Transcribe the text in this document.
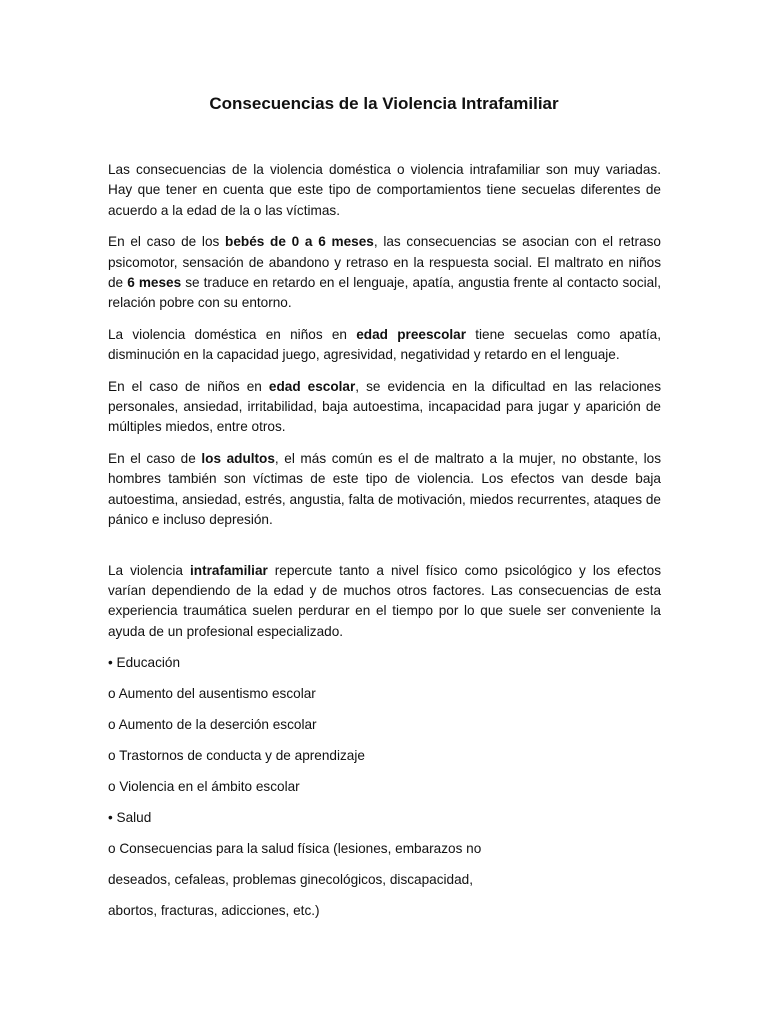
Consecuencias de la Violencia Intrafamiliar

Las consecuencias de la violencia doméstica o violencia intrafamiliar son muy variadas. Hay que tener en cuenta que este tipo de comportamientos tiene secuelas diferentes de acuerdo a la edad de la o las víctimas.

En el caso de los bebés de 0 a 6 meses, las consecuencias se asocian con el retraso psicomotor, sensación de abandono y retraso en la respuesta social. El maltrato en niños de 6 meses se traduce en retardo en el lenguaje, apatía, angustia frente al contacto social, relación pobre con su entorno.

La violencia doméstica en niños en edad preescolar tiene secuelas como apatía, disminución en la capacidad juego, agresividad, negatividad y retardo en el lenguaje.

En el caso de niños en edad escolar, se evidencia en la dificultad en las relaciones personales, ansiedad, irritabilidad, baja autoestima, incapacidad para jugar y aparición de múltiples miedos, entre otros.

En el caso de los adultos, el más común es el de maltrato a la mujer, no obstante, los hombres también son víctimas de este tipo de violencia. Los efectos van desde baja autoestima, ansiedad, estrés, angustia, falta de motivación, miedos recurrentes, ataques de pánico e incluso depresión.

La violencia intrafamiliar repercute tanto a nivel físico como psicológico y los efectos varían dependiendo de la edad y de muchos otros factores. Las consecuencias de esta experiencia traumática suelen perdurar en el tiempo por lo que suele ser conveniente la ayuda de un profesional especializado.

• Educación

o Aumento del ausentismo escolar

o Aumento de la deserción escolar

o Trastornos de conducta y de aprendizaje

o Violencia en el ámbito escolar

• Salud

o Consecuencias para la salud física (lesiones, embarazos no

deseados, cefaleas, problemas ginecológicos, discapacidad,

abortos, fracturas, adicciones, etc.)
